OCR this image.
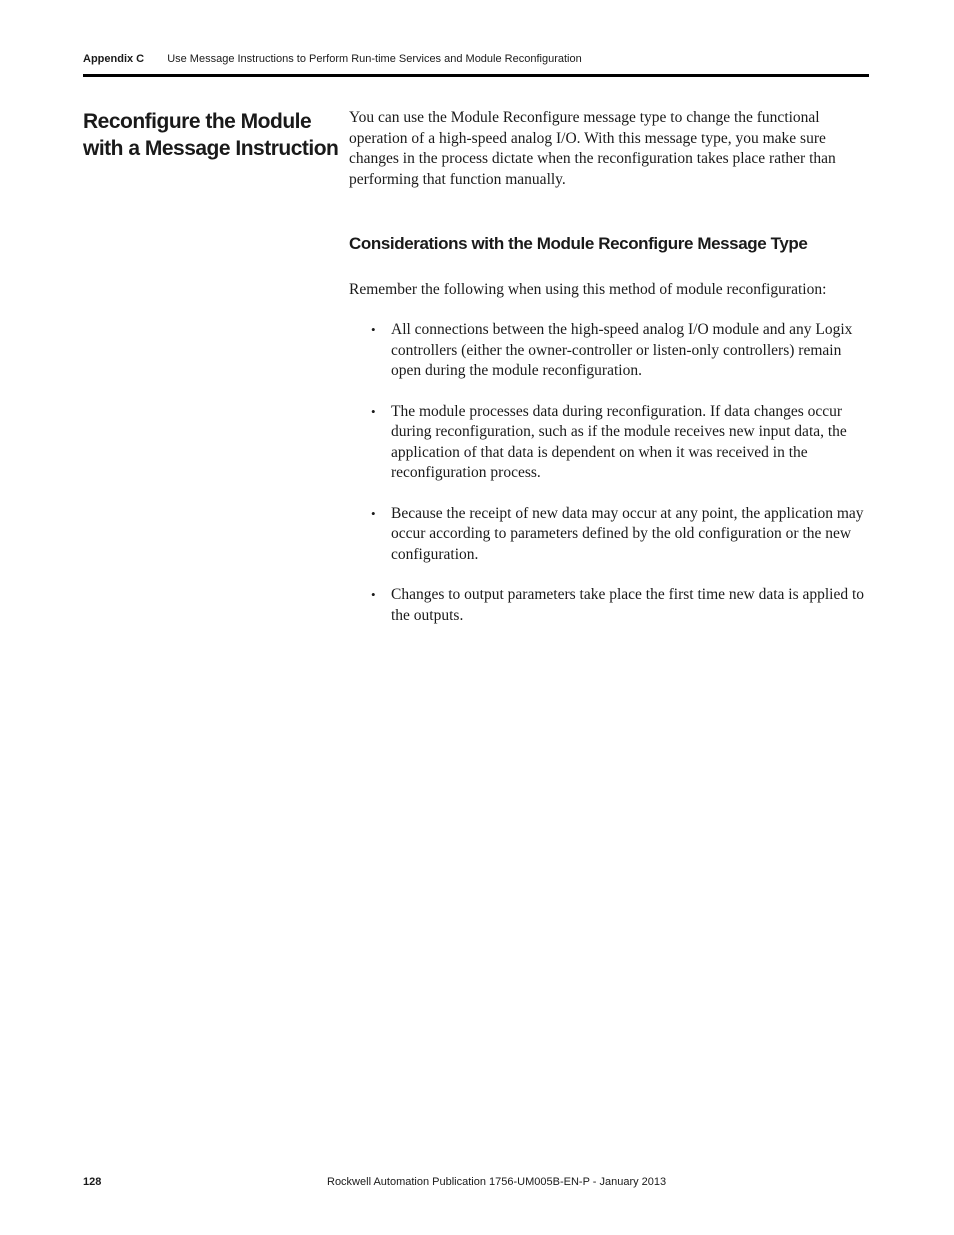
Appendix C Use Message Instructions to Perform Run-time Services and Module Reconfiguration
Reconfigure the Module with a Message Instruction

You can use the Module Reconfigure message type to change the functional operation of a high-speed analog I/O. With this message type, you make sure changes in the process dictate when the reconfiguration takes place rather than performing that function manually.

Considerations with the Module Reconfigure Message Type

Remember the following when using this method of module reconfiguration:

• All connections between the high-speed analog I/O module and any Logix controllers (either the owner-controller or listen-only controllers) remain open during the module reconfiguration.
• The module processes data during reconfiguration. If data changes occur during reconfiguration, such as if the module receives new input data, the application of that data is dependent on when it was received in the reconfiguration process.
• Because the receipt of new data may occur at any point, the application may occur according to parameters defined by the old configuration or the new configuration.
• Changes to output parameters take place the first time new data is applied to the outputs.
128	Rockwell Automation Publication 1756-UM005B-EN-P - January 2013
